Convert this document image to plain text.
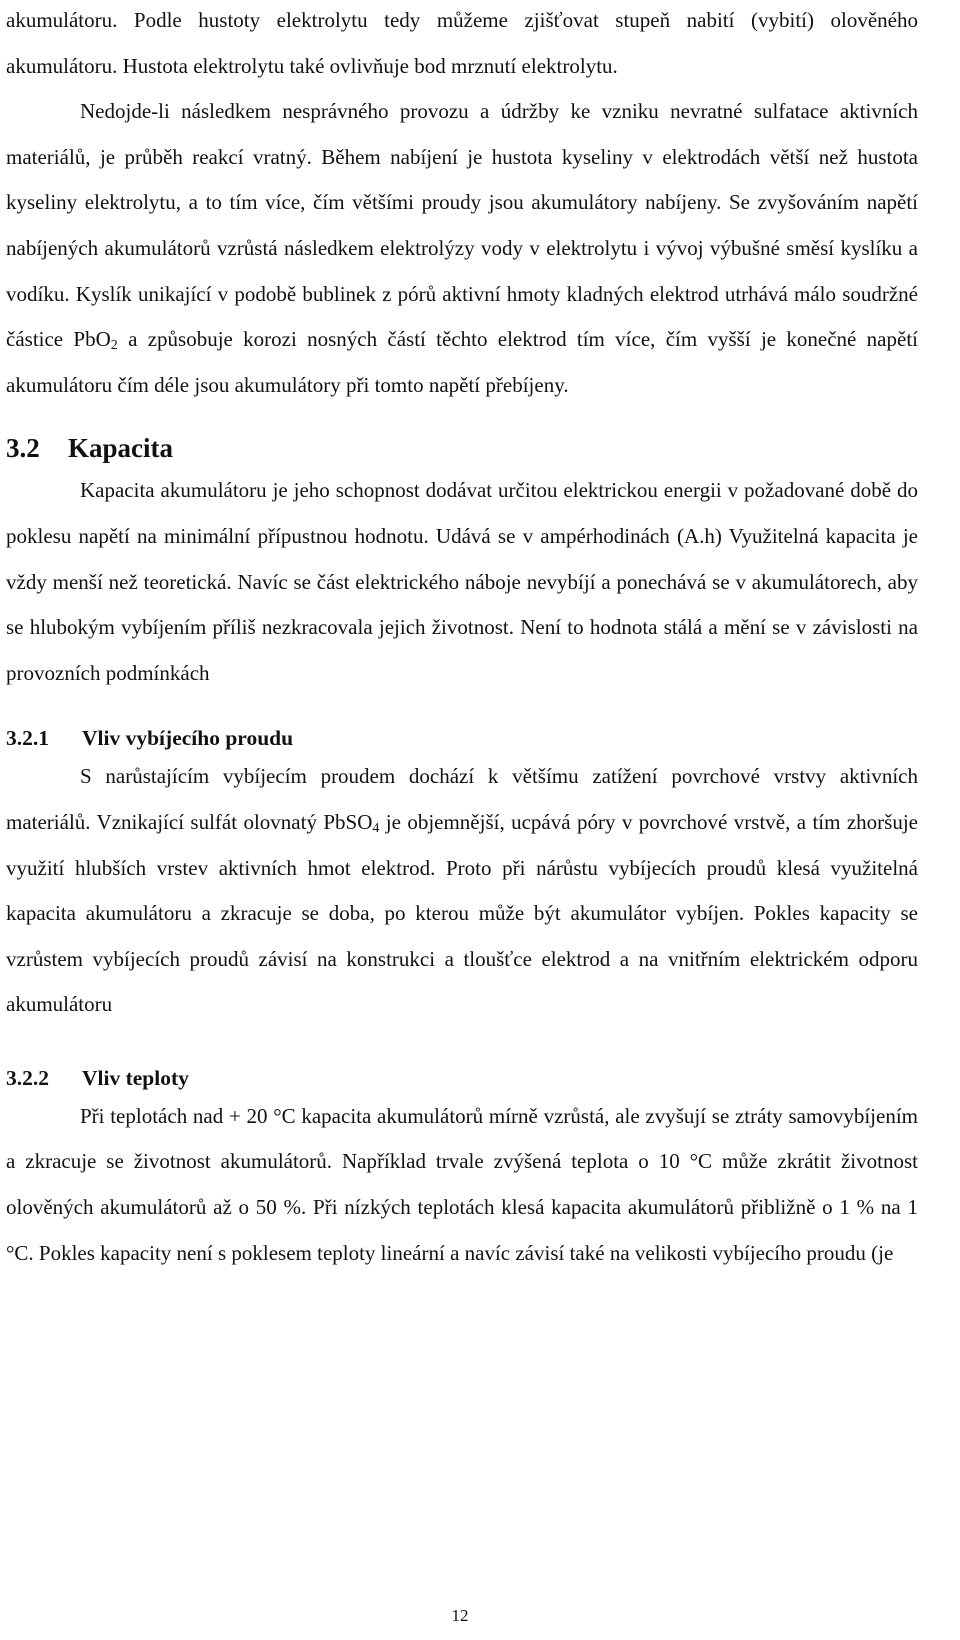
akumulátoru. Podle hustoty elektrolytu tedy můžeme zjišťovat stupeň nabití (vybití) olověného akumulátoru. Hustota elektrolytu také ovlivňuje bod mrznutí elektrolytu.

Nedojde-li následkem nesprávného provozu a údržby ke vzniku nevratné sulfatace aktivních materiálů, je průběh reakcí vratný. Během nabíjení je hustota kyseliny v elektrodách větší než hustota kyseliny elektrolytu, a to tím více, čím většími proudy jsou akumulátory nabíjeny. Se zvyšováním napětí nabíjených akumulátorů vzrůstá následkem elektrolýzy vody v elektrolytu i vývoj výbušné směsí kyslíku a vodíku. Kyslík unikající v podobě bublinek z pórů aktivní hmoty kladných elektrod utrhává málo soudržné částice PbO$_2$ a způsobuje korozi nosných částí těchto elektrod tím více, čím vyšší je konečné napětí akumulátoru čím déle jsou akumulátory při tomto napětí přebíjeny.

3.2 Kapacita

Kapacita akumulátoru je jeho schopnost dodávat určitou elektrickou energii v požadované době do poklesu napětí na minimální přípustnou hodnotu. Udává se v ampérhodinách (A.h) Využitelná kapacita je vždy menší než teoretická. Navíc se část elektrického náboje nevybíjí a ponechává se v akumulátorech, aby se hlubokým vybíjením příliš nezkracovala jejich životnost. Není to hodnota stálá a mění se v závislosti na provozních podmínkách

3.2.1 Vliv vybíjecího proudu

S narůstajícím vybíjecím proudem dochází k většímu zatížení povrchové vrstvy aktivních materiálů. Vznikající sulfát olovnatý PbSO$_4$ je objemnější, ucpává póry v povrchové vrstvě, a tím zhoršuje využití hlubších vrstev aktivních hmot elektrod. Proto při nárůstu vybíjecích proudů klesá využitelná kapacita akumulátoru a zkracuje se doba, po kterou může být akumulátor vybíjen. Pokles kapacity se vzrůstem vybíjecích proudů závisí na konstrukci a tloušťce elektrod a na vnitřním elektrickém odporu akumulátoru

3.2.2 Vliv teploty

Při teplotách nad + 20 °C kapacita akumulátorů mírně vzrůstá, ale zvyšují se ztráty samovybíjením a zkracuje se životnost akumulátorů. Například trvale zvýšená teplota o 10 °C může zkrátit životnost olověných akumulátorů až o 50 %. Při nízkých teplotách klesá kapacita akumulátorů přibližně o 1 % na 1 °C. Pokles kapacity není s poklesem teploty lineární a navíc závisí také na velikosti vybíjecího proudu (je

12
